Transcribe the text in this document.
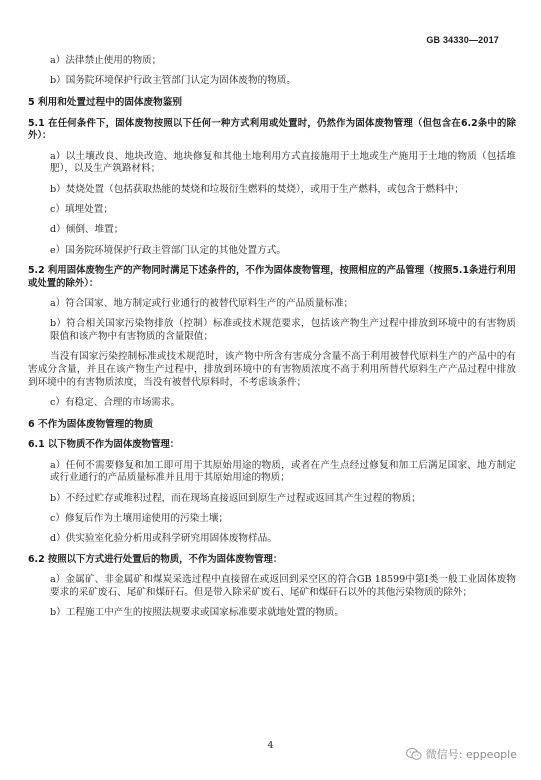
GB 34330—2017

a）法律禁止使用的物质；

b）国务院环境保护行政主管部门认定为固体废物的物质。

5 利用和处置过程中的固体废物鉴别

5.1 在任何条件下，固体废物按照以下任何一种方式利用或处置时，仍然作为固体废物管理（但包含在6.2条中的除外）：

a）以土壤改良、地块改造、地块修复和其他土地利用方式直接施用于土地或生产施用于土地的物质（包括堆肥），以及生产筑路材料；

b）焚烧处置（包括获取热能的焚烧和垃圾衍生燃料的焚烧），或用于生产燃料，或包含于燃料中；

c）填埋处置；

d）倾倒、堆置；

e）国务院环境保护行政主管部门认定的其他处置方式。

5.2 利用固体废物生产的产物同时满足下述条件的，不作为固体废物管理，按照相应的产品管理（按照5.1条进行利用或处置的除外）：

a）符合国家、地方制定或行业通行的被替代原料生产的产品质量标准；

b）符合相关国家污染物排放（控制）标准或技术规范要求，包括该产物生产过程中排放到环境中的有害物质限值和该产物中有害物质的含量限值；

当没有国家污染控制标准或技术规范时，该产物中所含有害成分含量不高于利用被替代原料生产的产品中的有害成分含量，并且在该产物生产过程中，排放到环境中的有害物质浓度不高于利用所替代原料生产产品过程中排放到环境中的有害物质浓度，当没有被替代原料时，不考虑该条件；

c）有稳定、合理的市场需求。

6 不作为固体废物管理的物质

6.1 以下物质不作为固体废物管理：

a）任何不需要修复和加工即可用于其原始用途的物质，或者在产生点经过修复和加工后满足国家、地方制定或行业通行的产品质量标准并且用于其原始用途的物质；

b）不经过贮存或堆积过程，而在现场直接返回到原生产过程或返回其产生过程的物质；

c）修复后作为土壤用途使用的污染土壤；

d）供实验室化验分析用或科学研究用固体废物样品。

6.2 按照以下方式进行处置后的物质，不作为固体废物管理：

a）金属矿、非金属矿和煤炭采选过程中直接留在或返回到采空区的符合GB 18599中第I类一般工业固体废物要求的采矿废石、尾矿和煤矸石。但是带入除采矿废石、尾矿和煤矸石以外的其他污染物质的除外；

b）工程施工中产生的按照法规要求或国家标准要求就地处置的物质。

4
微信号: eppeople
